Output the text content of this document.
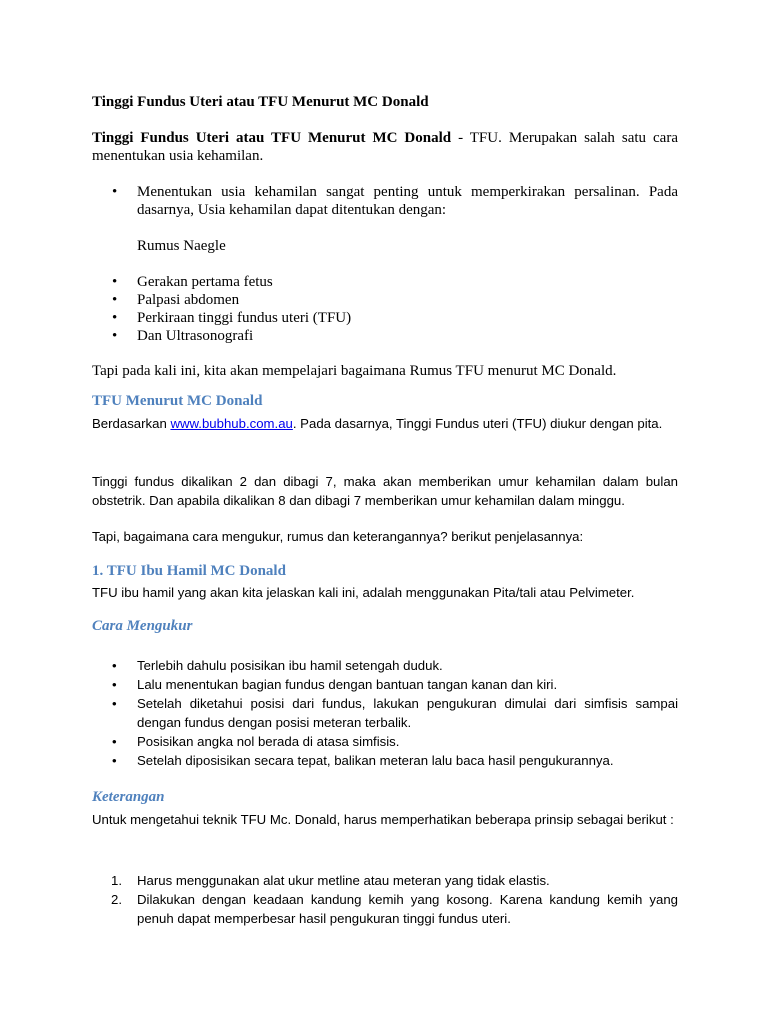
Tinggi Fundus Uteri atau TFU Menurut MC Donald

Tinggi Fundus Uteri atau TFU Menurut MC Donald - TFU. Merupakan salah satu cara menentukan usia kehamilan.

• Menentukan usia kehamilan sangat penting untuk memperkirakan persalinan. Pada dasarnya, Usia kehamilan dapat ditentukan dengan:

Rumus Naegle

• Gerakan pertama fetus
• Palpasi abdomen
• Perkiraan tinggi fundus uteri (TFU)
• Dan Ultrasonografi

Tapi pada kali ini, kita akan mempelajari bagaimana Rumus TFU menurut MC Donald.

TFU Menurut MC Donald

Berdasarkan www.bubhub.com.au. Pada dasarnya, Tinggi Fundus uteri (TFU) diukur dengan pita.

Tinggi fundus dikalikan 2 dan dibagi 7, maka akan memberikan umur kehamilan dalam bulan obstetrik. Dan apabila dikalikan 8 dan dibagi 7 memberikan umur kehamilan dalam minggu.

Tapi, bagaimana cara mengukur, rumus dan keterangannya? berikut penjelasannya:

1. TFU Ibu Hamil MC Donald

TFU ibu hamil yang akan kita jelaskan kali ini, adalah menggunakan Pita/tali atau Pelvimeter.

Cara Mengukur
• Terlebih dahulu posisikan ibu hamil setengah duduk.
• Lalu menentukan bagian fundus dengan bantuan tangan kanan dan kiri.
• Setelah diketahui posisi dari fundus, lakukan pengukuran dimulai dari simfisis sampai dengan fundus dengan posisi meteran terbalik.
• Posisikan angka nol berada di atasa simfisis.
• Setelah diposisikan secara tepat, balikan meteran lalu baca hasil pengukurannya.
Keterangan

Untuk mengetahui teknik TFU Mc. Donald, harus memperhatikan beberapa prinsip sebagai berikut :

1. Harus menggunakan alat ukur metline atau meteran yang tidak elastis.
2. Dilakukan dengan keadaan kandung kemih yang kosong. Karena kandung kemih yang penuh dapat memperbesar hasil pengukuran tinggi fundus uteri.
